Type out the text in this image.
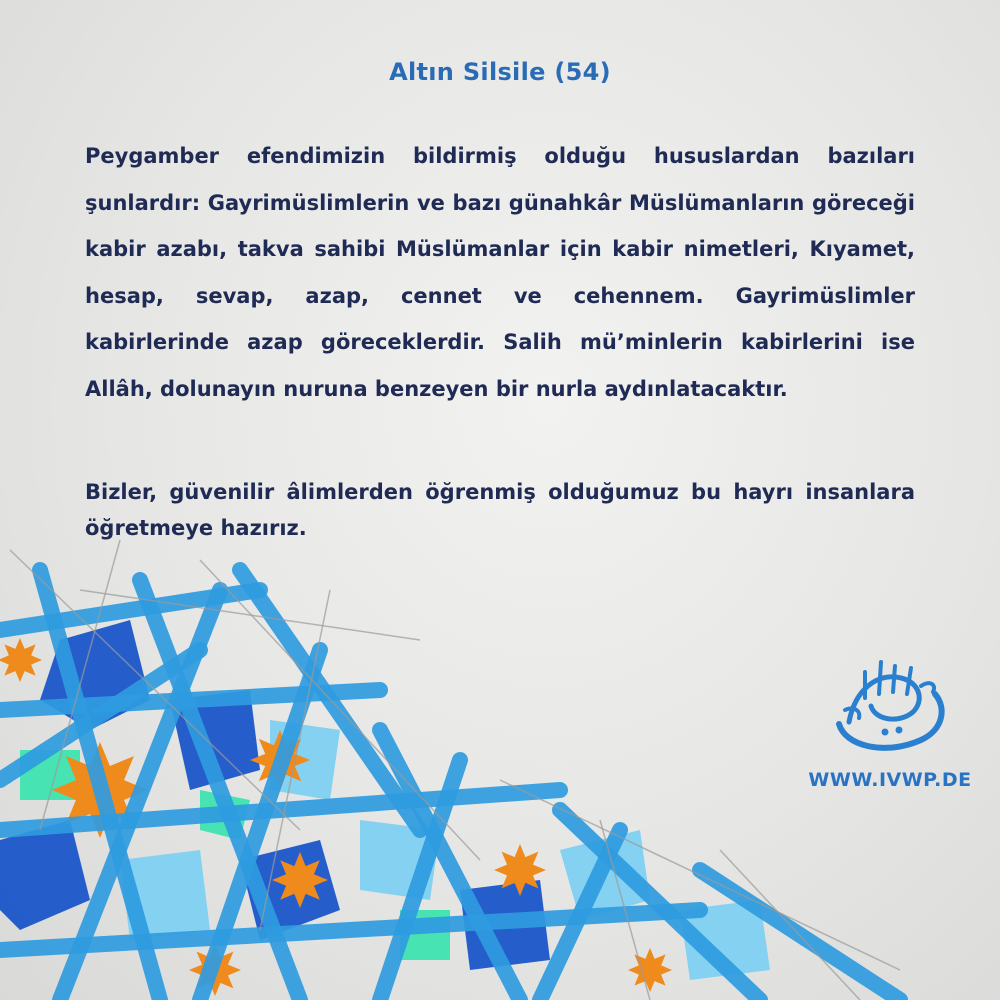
Altın Silsile (54)
Peygamber efendimizin bildirmiş olduğu hususlardan bazıları şunlardır: Gayrimüslimlerin ve bazı günahkâr Müslümanların göreceği kabir azabı, takva sahibi Müslümanlar için kabir nimetleri, Kıyamet, hesap, sevap, azap, cennet ve cehennem. Gayrimüslimler kabirlerinde azap göreceklerdir. Salih mü’minlerin kabirlerini ise Allâh, dolunayın nuruna benzeyen bir nurla aydınlatacaktır.
Bizler, güvenilir âlimlerden öğrenmiş olduğumuz bu hayrı insanlara öğretmeye hazırız.
WWW.IVWP.DE
